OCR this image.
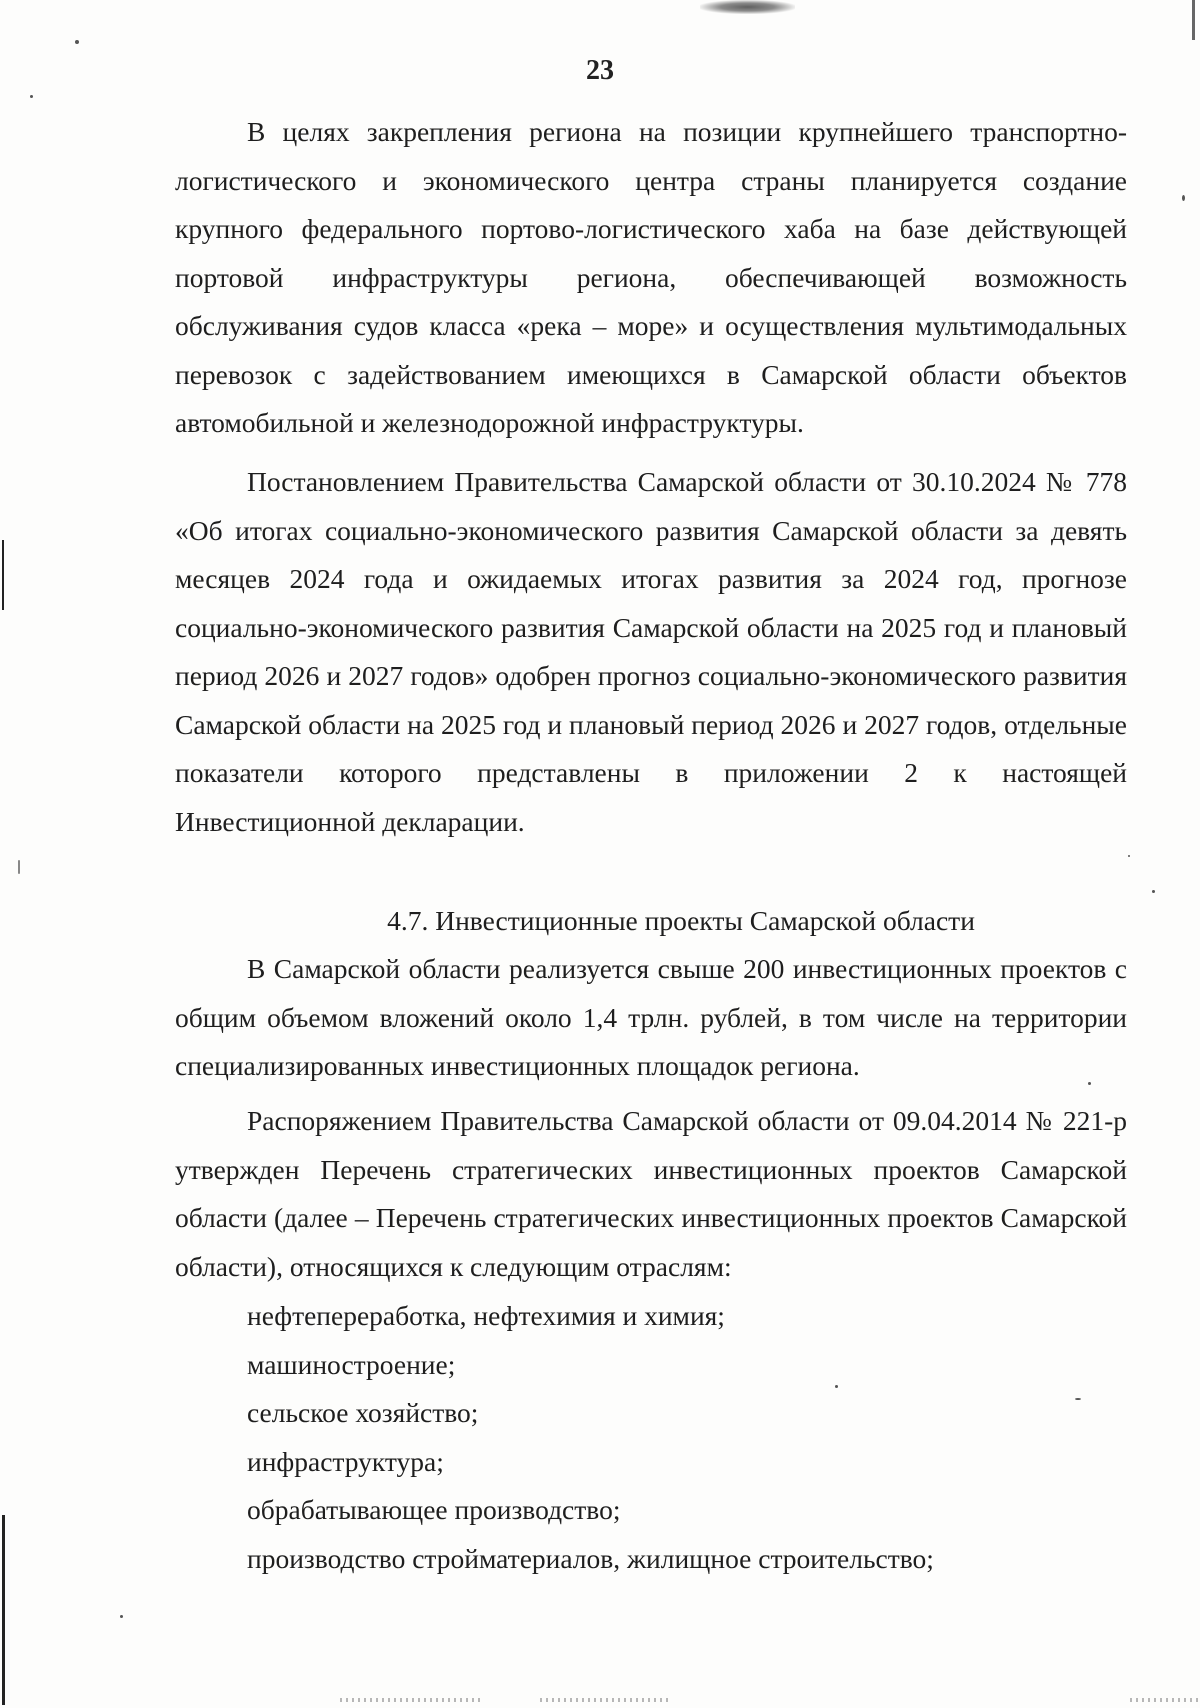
23

В целях закрепления региона на позиции крупнейшего транспортно-логистического и экономического центра страны планируется создание крупного федерального портово-логистического хаба на базе действующей портовой инфраструктуры региона, обеспечивающей возможность обслуживания судов класса «река – море» и осуществления мультимодальных перевозок с задействованием имеющихся в Самарской области объектов автомобильной и железнодорожной инфраструктуры.

Постановлением Правительства Самарской области от 30.10.2024 № 778 «Об итогах социально-экономического развития Самарской области за девять месяцев 2024 года и ожидаемых итогах развития за 2024 год, прогнозе социально-экономического развития Самарской области на 2025 год и плановый период 2026 и 2027 годов» одобрен прогноз социально-экономического развития Самарской области на 2025 год и плановый период 2026 и 2027 годов, отдельные показатели которого представлены в приложении 2 к настоящей Инвестиционной декларации.

4.7. Инвестиционные проекты Самарской области

В Самарской области реализуется свыше 200 инвестиционных проектов с общим объемом вложений около 1,4 трлн. рублей, в том числе на территории специализированных инвестиционных площадок региона.

Распоряжением Правительства Самарской области от 09.04.2014 № 221-р утвержден Перечень стратегических инвестиционных проектов Самарской области (далее – Перечень стратегических инвестиционных проектов Самарской области), относящихся к следующим отраслям:

нефтепереработка, нефтехимия и химия;

машиностроение;

сельское хозяйство;

инфраструктура;

обрабатывающее производство;

производство стройматериалов, жилищное строительство;
